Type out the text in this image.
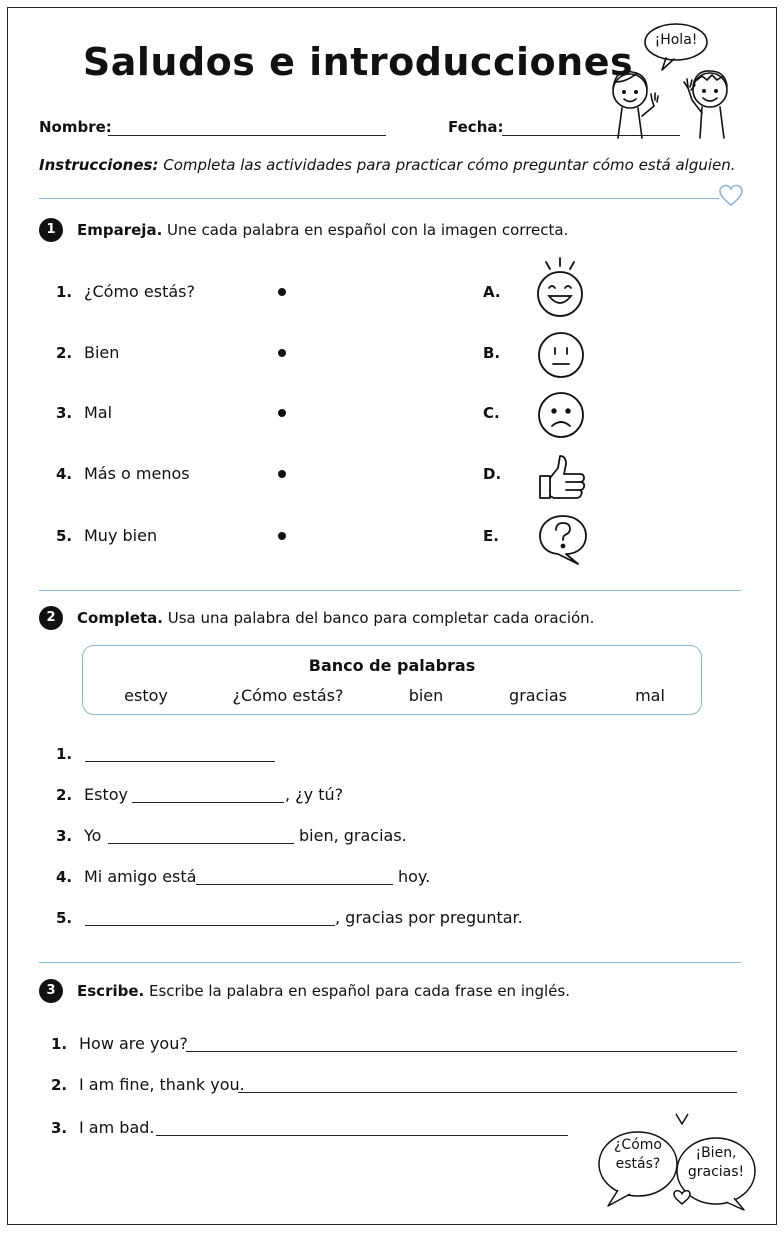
Saludos e introducciones	¡Hola!
Nombre:	Fecha:
Instrucciones: Completa las actividades para practicar cómo preguntar cómo está alguien.
1	Empareja. Une cada palabra en español con la imagen correcta.
1. ¿Cómo estás?	A.
2. Bien	B.
3. Mal	C.
4. Más o menos	D.
5. Muy bien	E.
2	Completa. Usa una palabra del banco para completar cada oración.
Banco de palabras
estoy	¿Cómo estás?	bien	gracias	mal
1.
2. Estoy	, ¿y tú?
3. Yo	bien, gracias.
4. Mi amigo está	hoy.
5.	, gracias por preguntar.
3	Escribe. Escribe la palabra en español para cada frase en inglés.
1. How are you?
2. I am fine, thank you.
3. I am bad.
¿Cómo
estás?
¡Bien,
gracias!
